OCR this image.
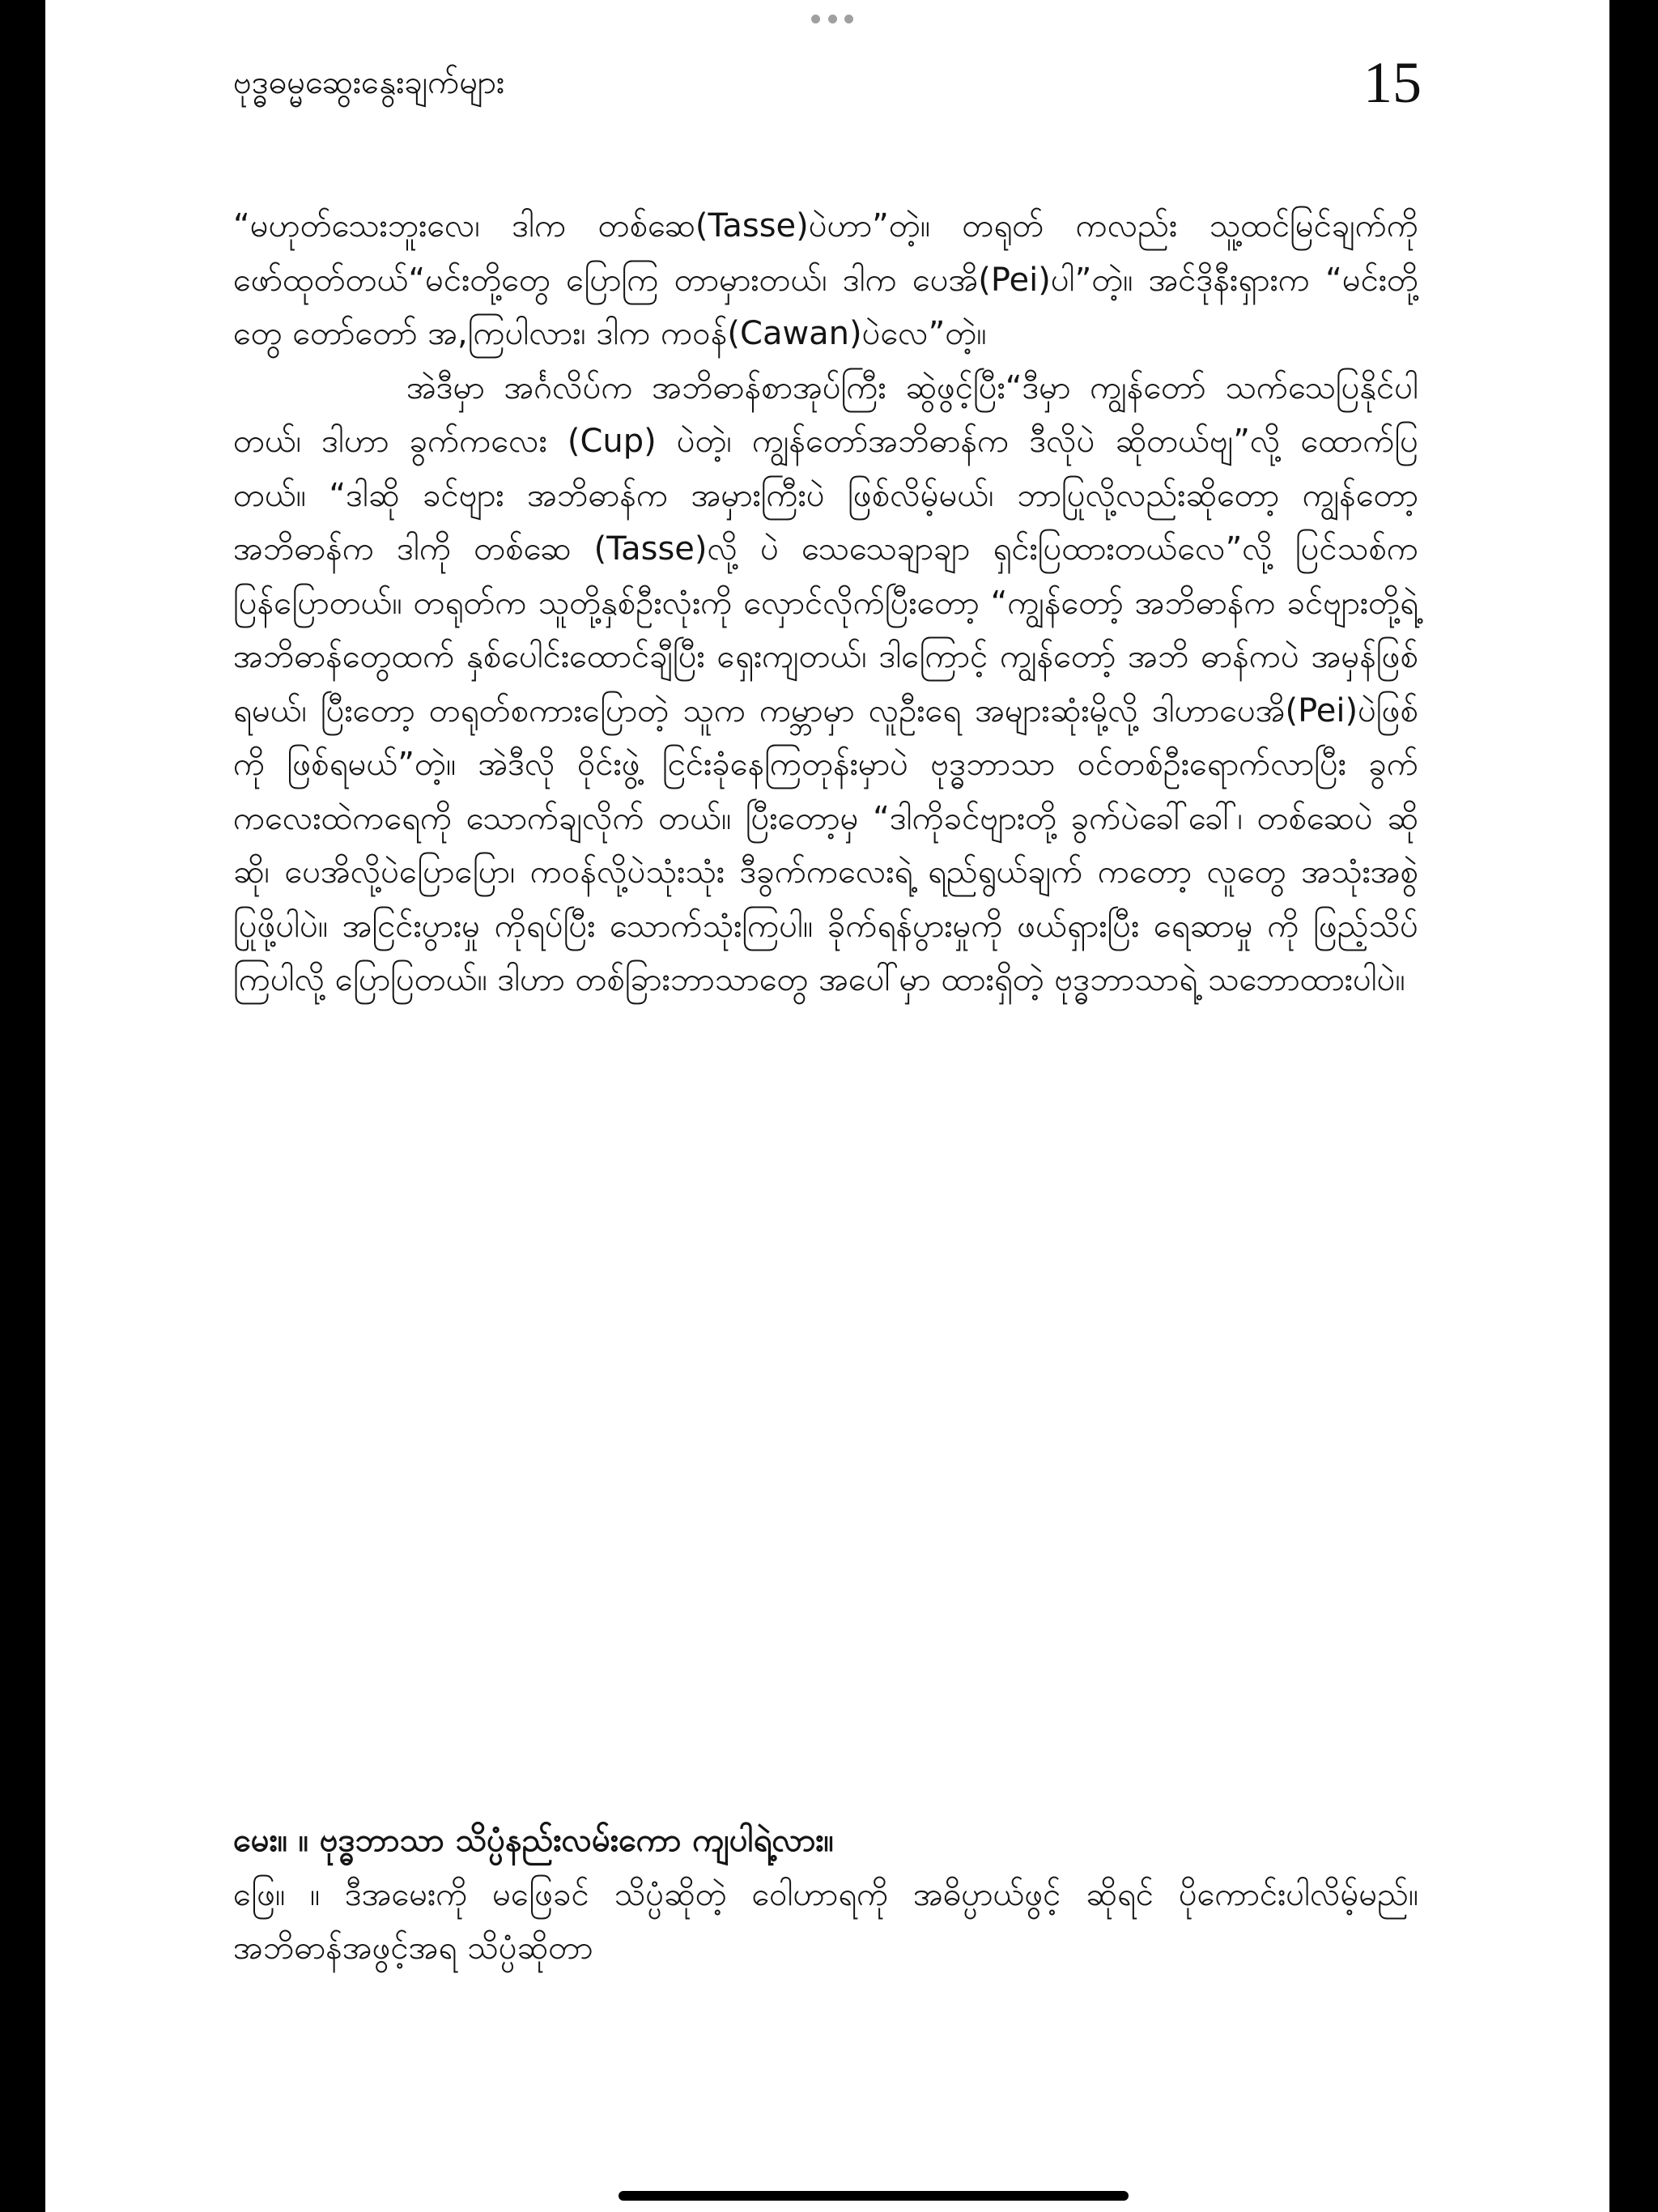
ဗုဒ္ဓဓမ္မဆွေးနွေးချက်များ	15

“မဟုတ်သေးဘူးလေ၊ ဒါက တစ်ဆေ(Tasse)ပဲဟာ”တဲ့။ တရုတ် ကလည်း သူ့ထင်မြင်ချက်ကို ဖော်ထုတ်တယ်“မင်းတို့တွေ ပြောကြ တာမှားတယ်၊ ဒါက ပေအိ(Pei)ပါ”တဲ့။ အင်ဒိုနီးရှားက “မင်းတို့ တွေ တော်တော် အ,ကြပါလား၊ ဒါက ကဝန်(Cawan)ပဲလေ”တဲ့။

အဲဒီမှာ အင်္ဂလိပ်က အဘိဓာန်စာအုပ်ကြီး ဆွဲဖွင့်ပြီး“ဒီမှာ ကျွန်တော် သက်သေပြနိုင်ပါတယ်၊ ဒါဟာ ခွက်ကလေး (Cup) ပဲတဲ့၊ ကျွန်တော်အဘိဓာန်က ဒီလိုပဲ ဆိုတယ်ဗျ”လို့ ထောက်ပြ တယ်။ “ဒါဆို ခင်ဗျား အဘိဓာန်က အမှားကြီးပဲ ဖြစ်လိမ့်မယ်၊ ဘာပြုလို့လည်းဆိုတော့ ကျွန်တော့အဘိဓာန်က ဒါကို တစ်ဆေ (Tasse)လို့ ပဲ သေသေချာချာ ရှင်းပြထားတယ်လေ”လို့ ပြင်သစ်က ပြန်ပြောတယ်။ တရုတ်က သူတို့နှစ်ဦးလုံးကို လှောင်လိုက်ပြီးတော့ “ကျွန်တော့် အဘိဓာန်က ခင်ဗျားတို့ရဲ့ အဘိဓာန်တွေထက် နှစ်ပေါင်းထောင်ချီပြီး ရှေးကျတယ်၊ ဒါကြောင့် ကျွန်တော့် အဘိ ဓာန်ကပဲ အမှန်ဖြစ်ရမယ်၊ ပြီးတော့ တရုတ်စကားပြောတဲ့ သူက ကမ္ဘာမှာ လူဦးရေ အများဆုံးမို့လို့ ဒါဟာပေအိ(Pei)ပဲဖြစ်ကို ဖြစ်ရမယ်”တဲ့။ အဲဒီလို ဝိုင်းဖွဲ့ ငြင်းခုံနေကြတုန်းမှာပဲ ဗုဒ္ဓဘာသာ ဝင်တစ်ဦးရောက်လာပြီး ခွက်ကလေးထဲကရေကို သောက်ချလိုက် တယ်။ ပြီးတော့မှ “ဒါကိုခင်ဗျားတို့ ခွက်ပဲခေါ်ခေါ်၊ တစ်ဆေပဲ ဆိုဆို၊ ပေအိလို့ပဲပြောပြော၊ ကဝန်လို့ပဲသုံးသုံး ဒီခွက်ကလေးရဲ့ ရည်ရွယ်ချက် ကတော့ လူတွေ အသုံးအစွဲ ပြုဖို့ပါပဲ။ အငြင်းပွားမှု ကိုရပ်ပြီး သောက်သုံးကြပါ။ ခိုက်ရန်ပွားမှုကို ဖယ်ရှားပြီး ရေဆာမှု ကို ဖြည့်သိပ်ကြပါလို့ ပြောပြတယ်။ ဒါဟာ တစ်ခြားဘာသာတွေ အပေါ်မှာ ထားရှိတဲ့ ဗုဒ္ဓဘာသာရဲ့ သဘောထားပါပဲ။

မေး။ ။ ဗုဒ္ဓဘာသာ သိပ္ပံနည်းလမ်းကော ကျပါရဲ့လား။

ဖြေ။ ။ ဒီအမေးကို မဖြေခင် သိပ္ပံဆိုတဲ့ ဝေါဟာရကို အဓိပ္ပာယ်ဖွင့် ဆိုရင် ပိုကောင်းပါလိမ့်မည်။ အဘိဓာန်အဖွင့်အရ သိပ္ပံဆိုတာ
